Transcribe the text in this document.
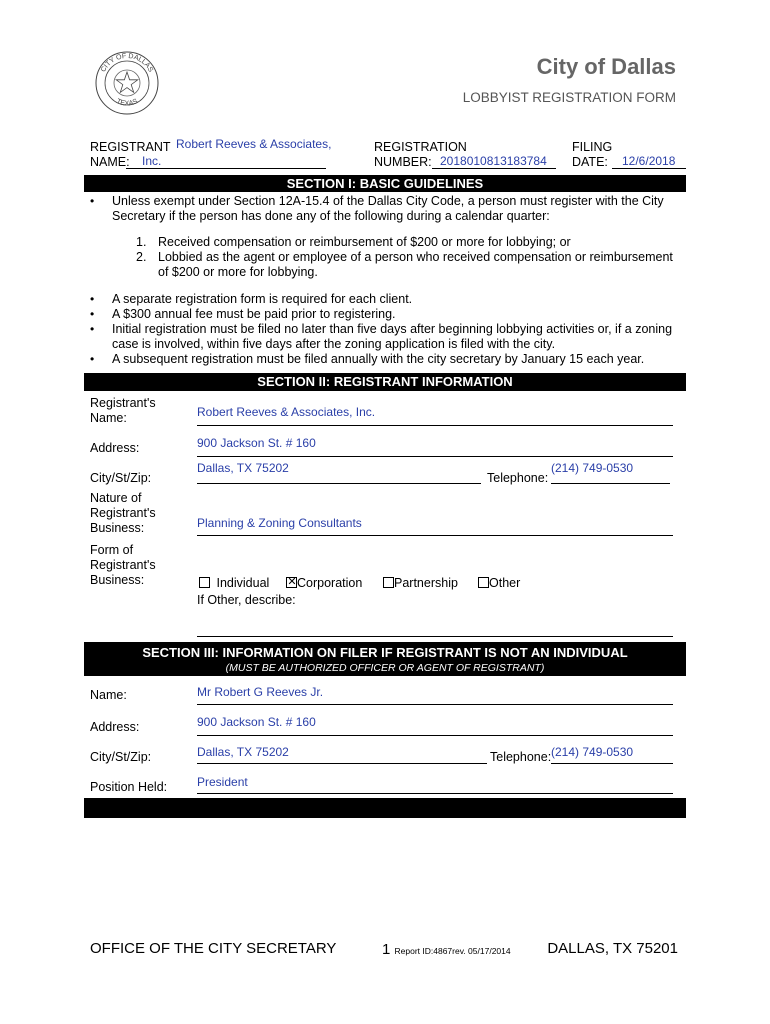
CITY OF DALLAS
TEXAS
City of Dallas
LOBBYIST REGISTRATION FORM
REGISTRANT Robert Reeves & Associates,
NAME: Inc.
REGISTRATION
NUMBER: 2018010813183784
FILING
DATE: 12/6/2018
SECTION I: BASIC GUIDELINES
• Unless exempt under Section 12A-15.4 of the Dallas City Code, a person must register with the City Secretary if the person has done any of the following during a calendar quarter:
1. Received compensation or reimbursement of $200 or more for lobbying; or
2. Lobbied as the agent or employee of a person who received compensation or reimbursement of $200 or more for lobbying.
• A separate registration form is required for each client.
• A $300 annual fee must be paid prior to registering.
• Initial registration must be filed no later than five days after beginning lobbying activities or, if a zoning case is involved, within five days after the zoning application is filed with the city.
• A subsequent registration must be filed annually with the city secretary by January 15 each year.
SECTION II: REGISTRANT INFORMATION
Registrant's Name:	Robert Reeves & Associates, Inc.
Address:	900 Jackson St. # 160
City/St/Zip:
Dallas, TX 75202
Telephone:
(214) 749-0530
Nature of Registrant's Business:	Planning & Zoning Consultants
Form of Registrant's Business:	Individual
✕	Corporation	Partnership	Other
If Other, describe:
SECTION III: INFORMATION ON FILER IF REGISTRANT IS NOT AN INDIVIDUAL
(MUST BE AUTHORIZED OFFICER OR AGENT OF REGISTRANT)
Name:	Mr Robert G Reeves Jr.
Address:	900 Jackson St. # 160
City/St/Zip:	Dallas, TX 75202	Telephone: (214) 749-0530
Position Held: President
OFFICE OF THE CITY SECRETARY	1 Report ID:4867rev. 05/17/2014 DALLAS, TX 75201
